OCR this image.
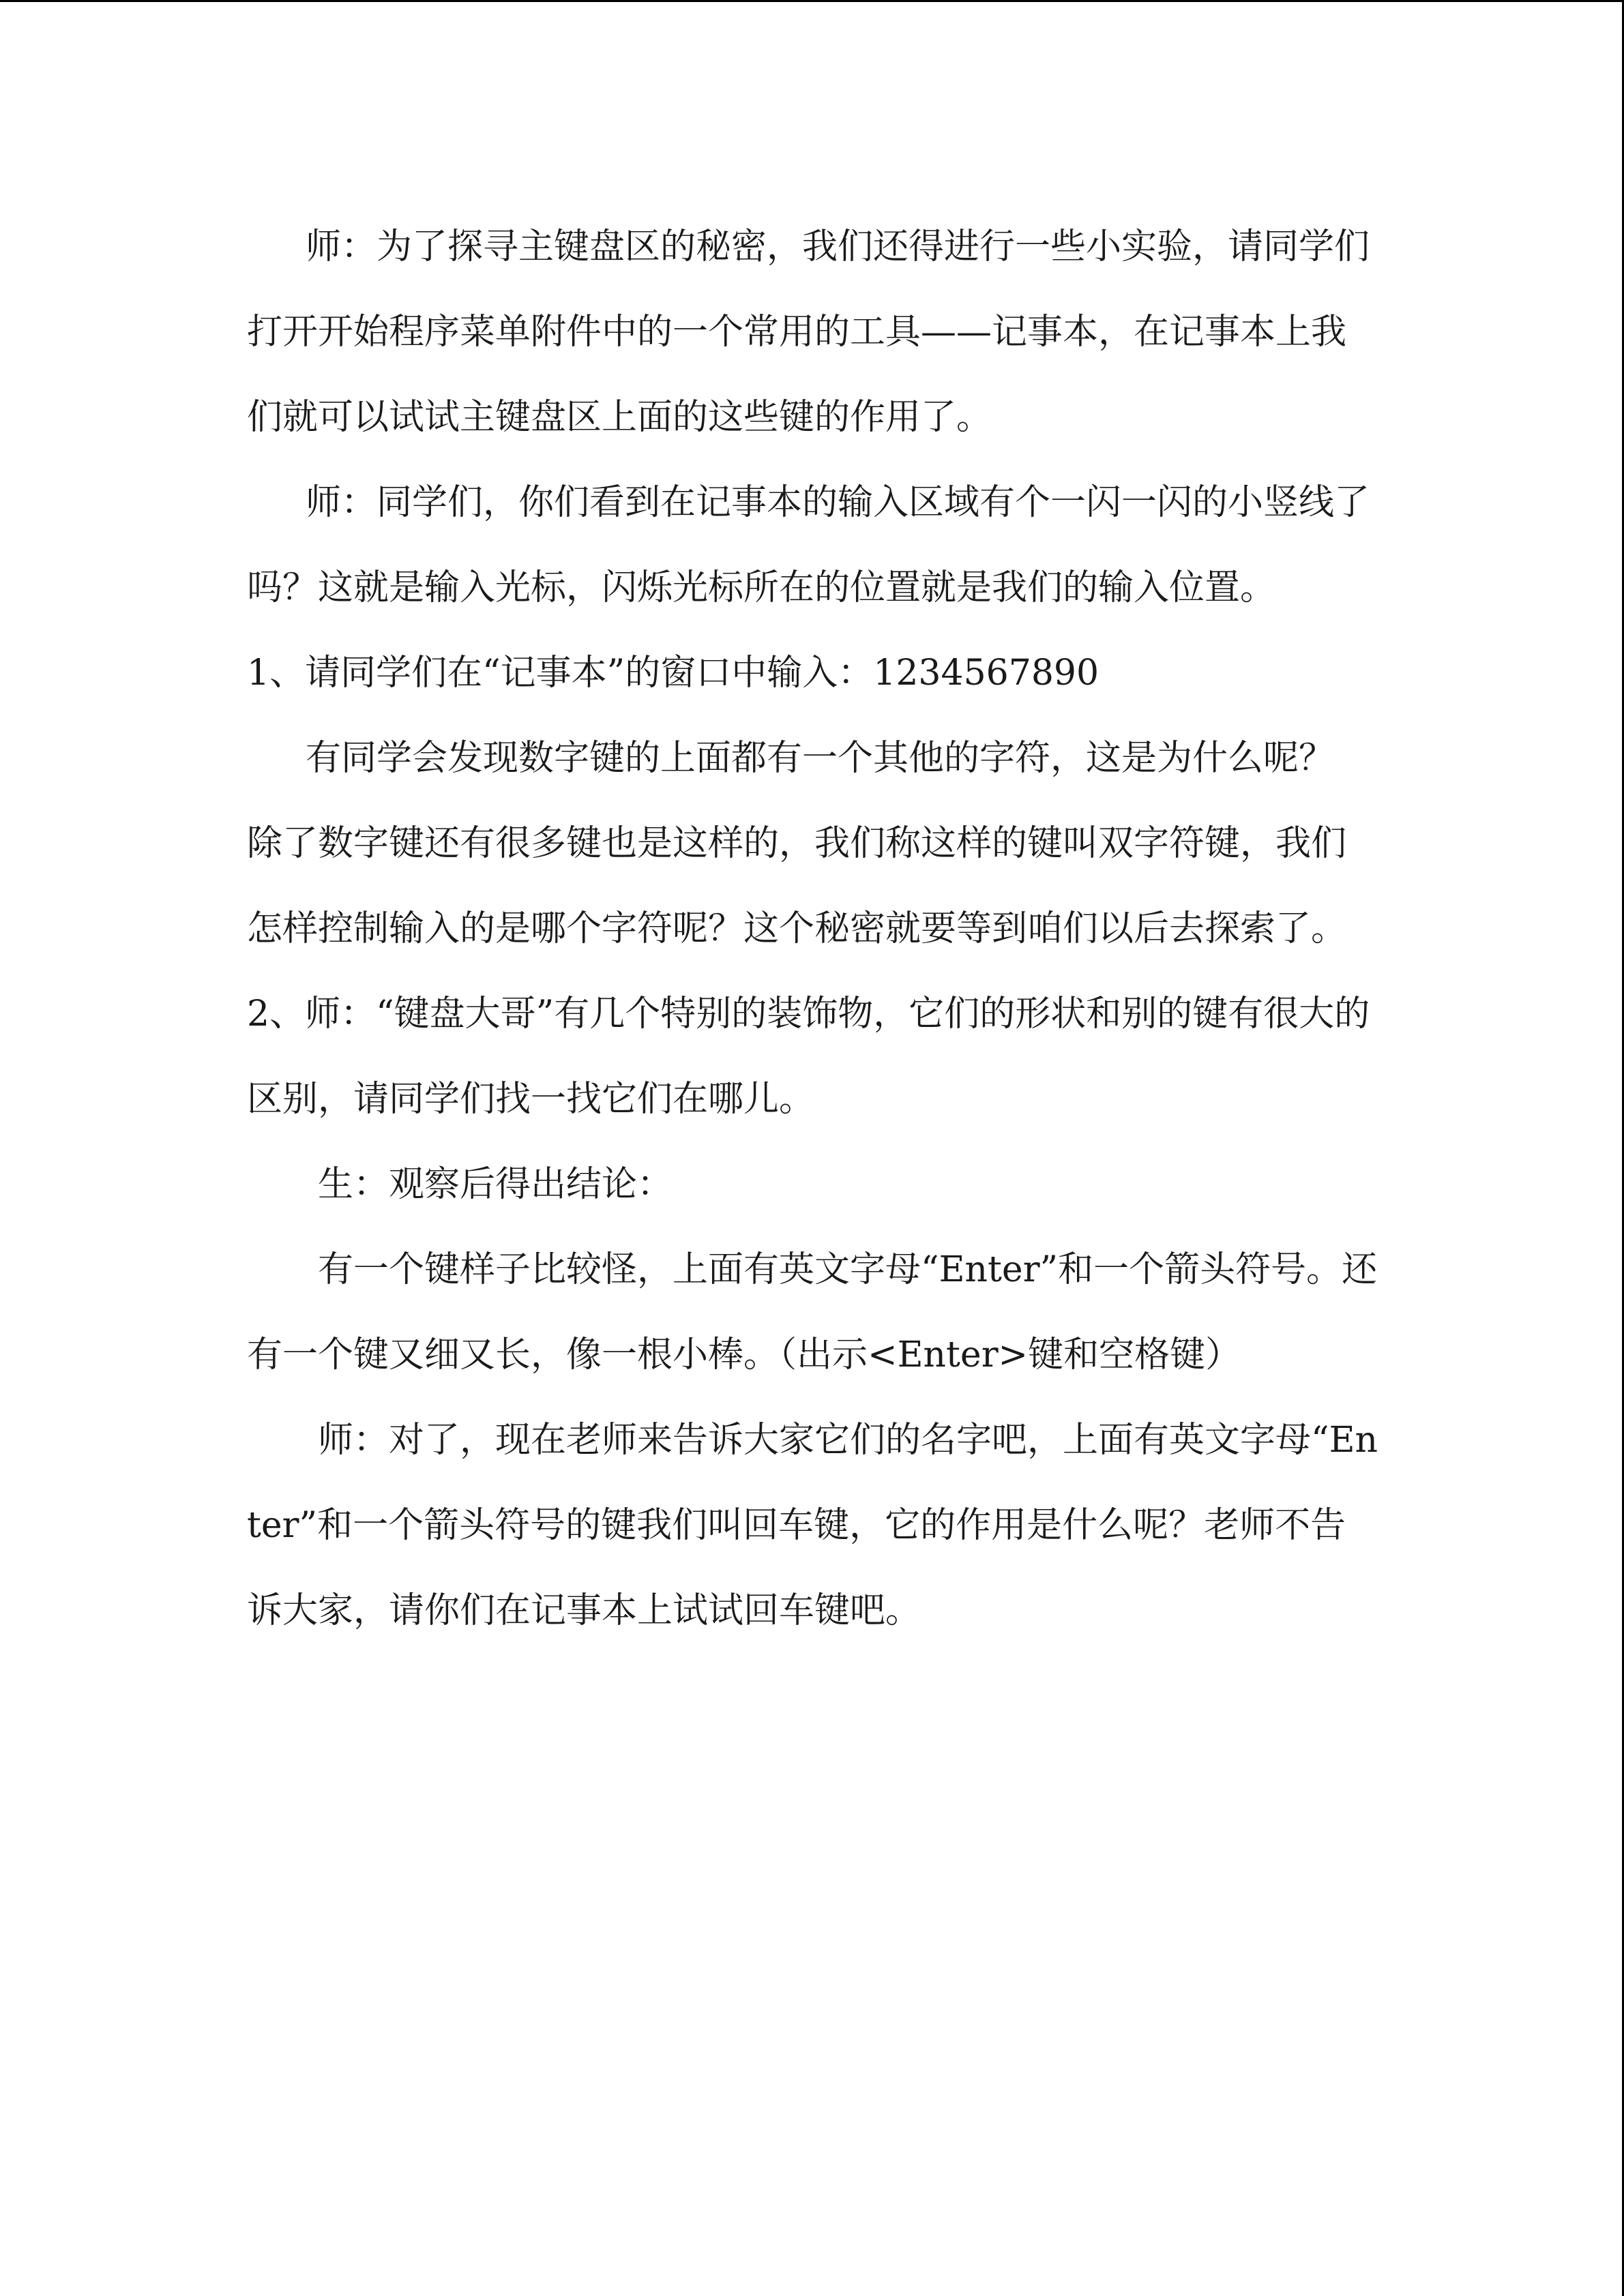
师：为了探寻主键盘区的秘密，我们还得进行一些小实验，请同学们打开开始程序菜单附件中的一个常用的工具——记事本，在记事本上我们就可以试试主键盘区上面的这些键的作用了。

师：同学们，你们看到在记事本的输入区域有个一闪一闪的小竖线了吗？这就是输入光标，闪烁光标所在的位置就是我们的输入位置。

1、请同学们在“记事本”的窗口中输入：1234567890

有同学会发现数字键的上面都有一个其他的字符，这是为什么呢？

除了数字键还有很多键也是这样的，我们称这样的键叫双字符键，我们怎样控制输入的是哪个字符呢？这个秘密就要等到咱们以后去探索了。

2、师：“键盘大哥”有几个特别的装饰物，它们的形状和别的键有很大的区别，请同学们找一找它们在哪儿。

生：观察后得出结论：

有一个键样子比较怪，上面有英文字母“Enter”和一个箭头符号。还有一个键又细又长，像一根小棒。（出示<Enter>键和空格键）

师：对了，现在老师来告诉大家它们的名字吧，上面有英文字母“Enter”和一个箭头符号的键我们叫回车键，它的作用是什么呢？老师不告诉大家，请你们在记事本上试试回车键吧。
